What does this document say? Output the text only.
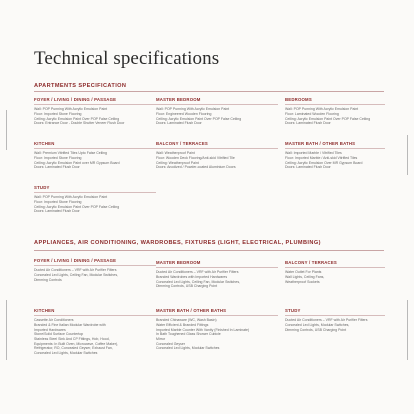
Technical specifications
APARTMENTS SPECIFICATION
FOYER / LIVING / DINING / PASSAGE
Wall: POP Punning With Acrylic Emulsion Paint
Floor: Imported Stone Flooring
Ceiling: Acrylic Emulsion Paint Over POP False Ceiling
Doors: Entrance Door - Double Shutter Veneer Flush Door
MASTER BEDROOM
Wall: POP Punning With Acrylic Emulsion Paint
Floor: Engineered Wooden Flooring
Ceiling: Acrylic Emulsion Paint Over POP False Ceiling
Doors: Laminated Flush Door
BEDROOMS
Wall: POP Punning With Acrylic Emulsion Paint
Floor: Laminated Wooden Flooring
Ceiling: Acrylic Emulsion Paint Over POP False Ceiling
Doors: Laminated Flush Door
KITCHEN
Wall: Premium Vitrified Tiles Upto False Ceiling
Floor: Imported Stone Flooring
Ceiling: Acrylic Emulsion Paint over MR Gypsum Board
Doors: Laminated Flush Door
BALCONY / TERRACES
Wall: Weatherproof Paint
Floor: Wooden Deck Flooring/Anti-skid Vitrified Tile
Ceiling: Weatherproof Paint
Doors: Anodized / Powder-coated Aluminium Doors
MASTER BATH / OTHER BATHS
Wall: Imported Marble / Vitrified Tiles
Floor: Imported Marble / Anti-skid Vitrified Tiles
Ceiling: Acrylic Emulsion Over MR Gypsum Board
Doors: Laminated Flush Door
STUDY
Wall: POP Punning With Acrylic Emulsion Paint
Floor: Imported Stone Flooring
Ceiling: Acrylic Emulsion Paint Over POP False Ceiling
Doors: Laminated Flush Door
APPLIANCES, AIR CONDITIONING, WARDROBES, FIXTURES (LIGHT, ELECTRICAL, PLUMBING)
FOYER / LIVING / DINING / PASSAGE
Ducted Air Conditioners – VRF with Air Purifier Filters
Concealed Led Lights, Ceiling Fan, Modular Switches,
Dimming Controls
MASTER BEDROOM
Ducted Air Conditioners – VRF with Air Purifier Filters
Branded Wardrobes with Imported Hardwares
Concealed Led Lights, Ceiling Fan, Modular Switches,
Dimming Controls, USB Charging Point
BALCONY / TERRACES
Water Outlet For Plants
Wall Lights, Ceiling Fans,
Weatherproof Sockets
KITCHEN
Cassette Air Conditioners
Branded & Fine Italian Modular Wardrobe with
Imported Hardwares
Stone/Solid Surface Countertop
Stainless Steel Sink And CP Fittings, Hob, Hood,
Equipments: In Built Oven, Microwave, Coffee Maker),
Refrigerator, RO, Concealed Geyser, Exhaust Fan,
Concealed Led Lights, Modular Switches
MASTER BATH / OTHER BATHS
Branded Chinaware (WC, Wash Basin)
Water Efficient & Branded Fittings
Imported Marble Counter With Vanity (Finished In Laminate)
In Bath Toughened Glass Shower Cubicle
Mirror
Concealed Geyser
Concealed Led Lights, Modular Switches
STUDY
Ducted Air Conditioners – VRF with Air Purifier Filters
Concealed Led Lights, Modular Switches,
Dimming Controls, USB Charging Point
